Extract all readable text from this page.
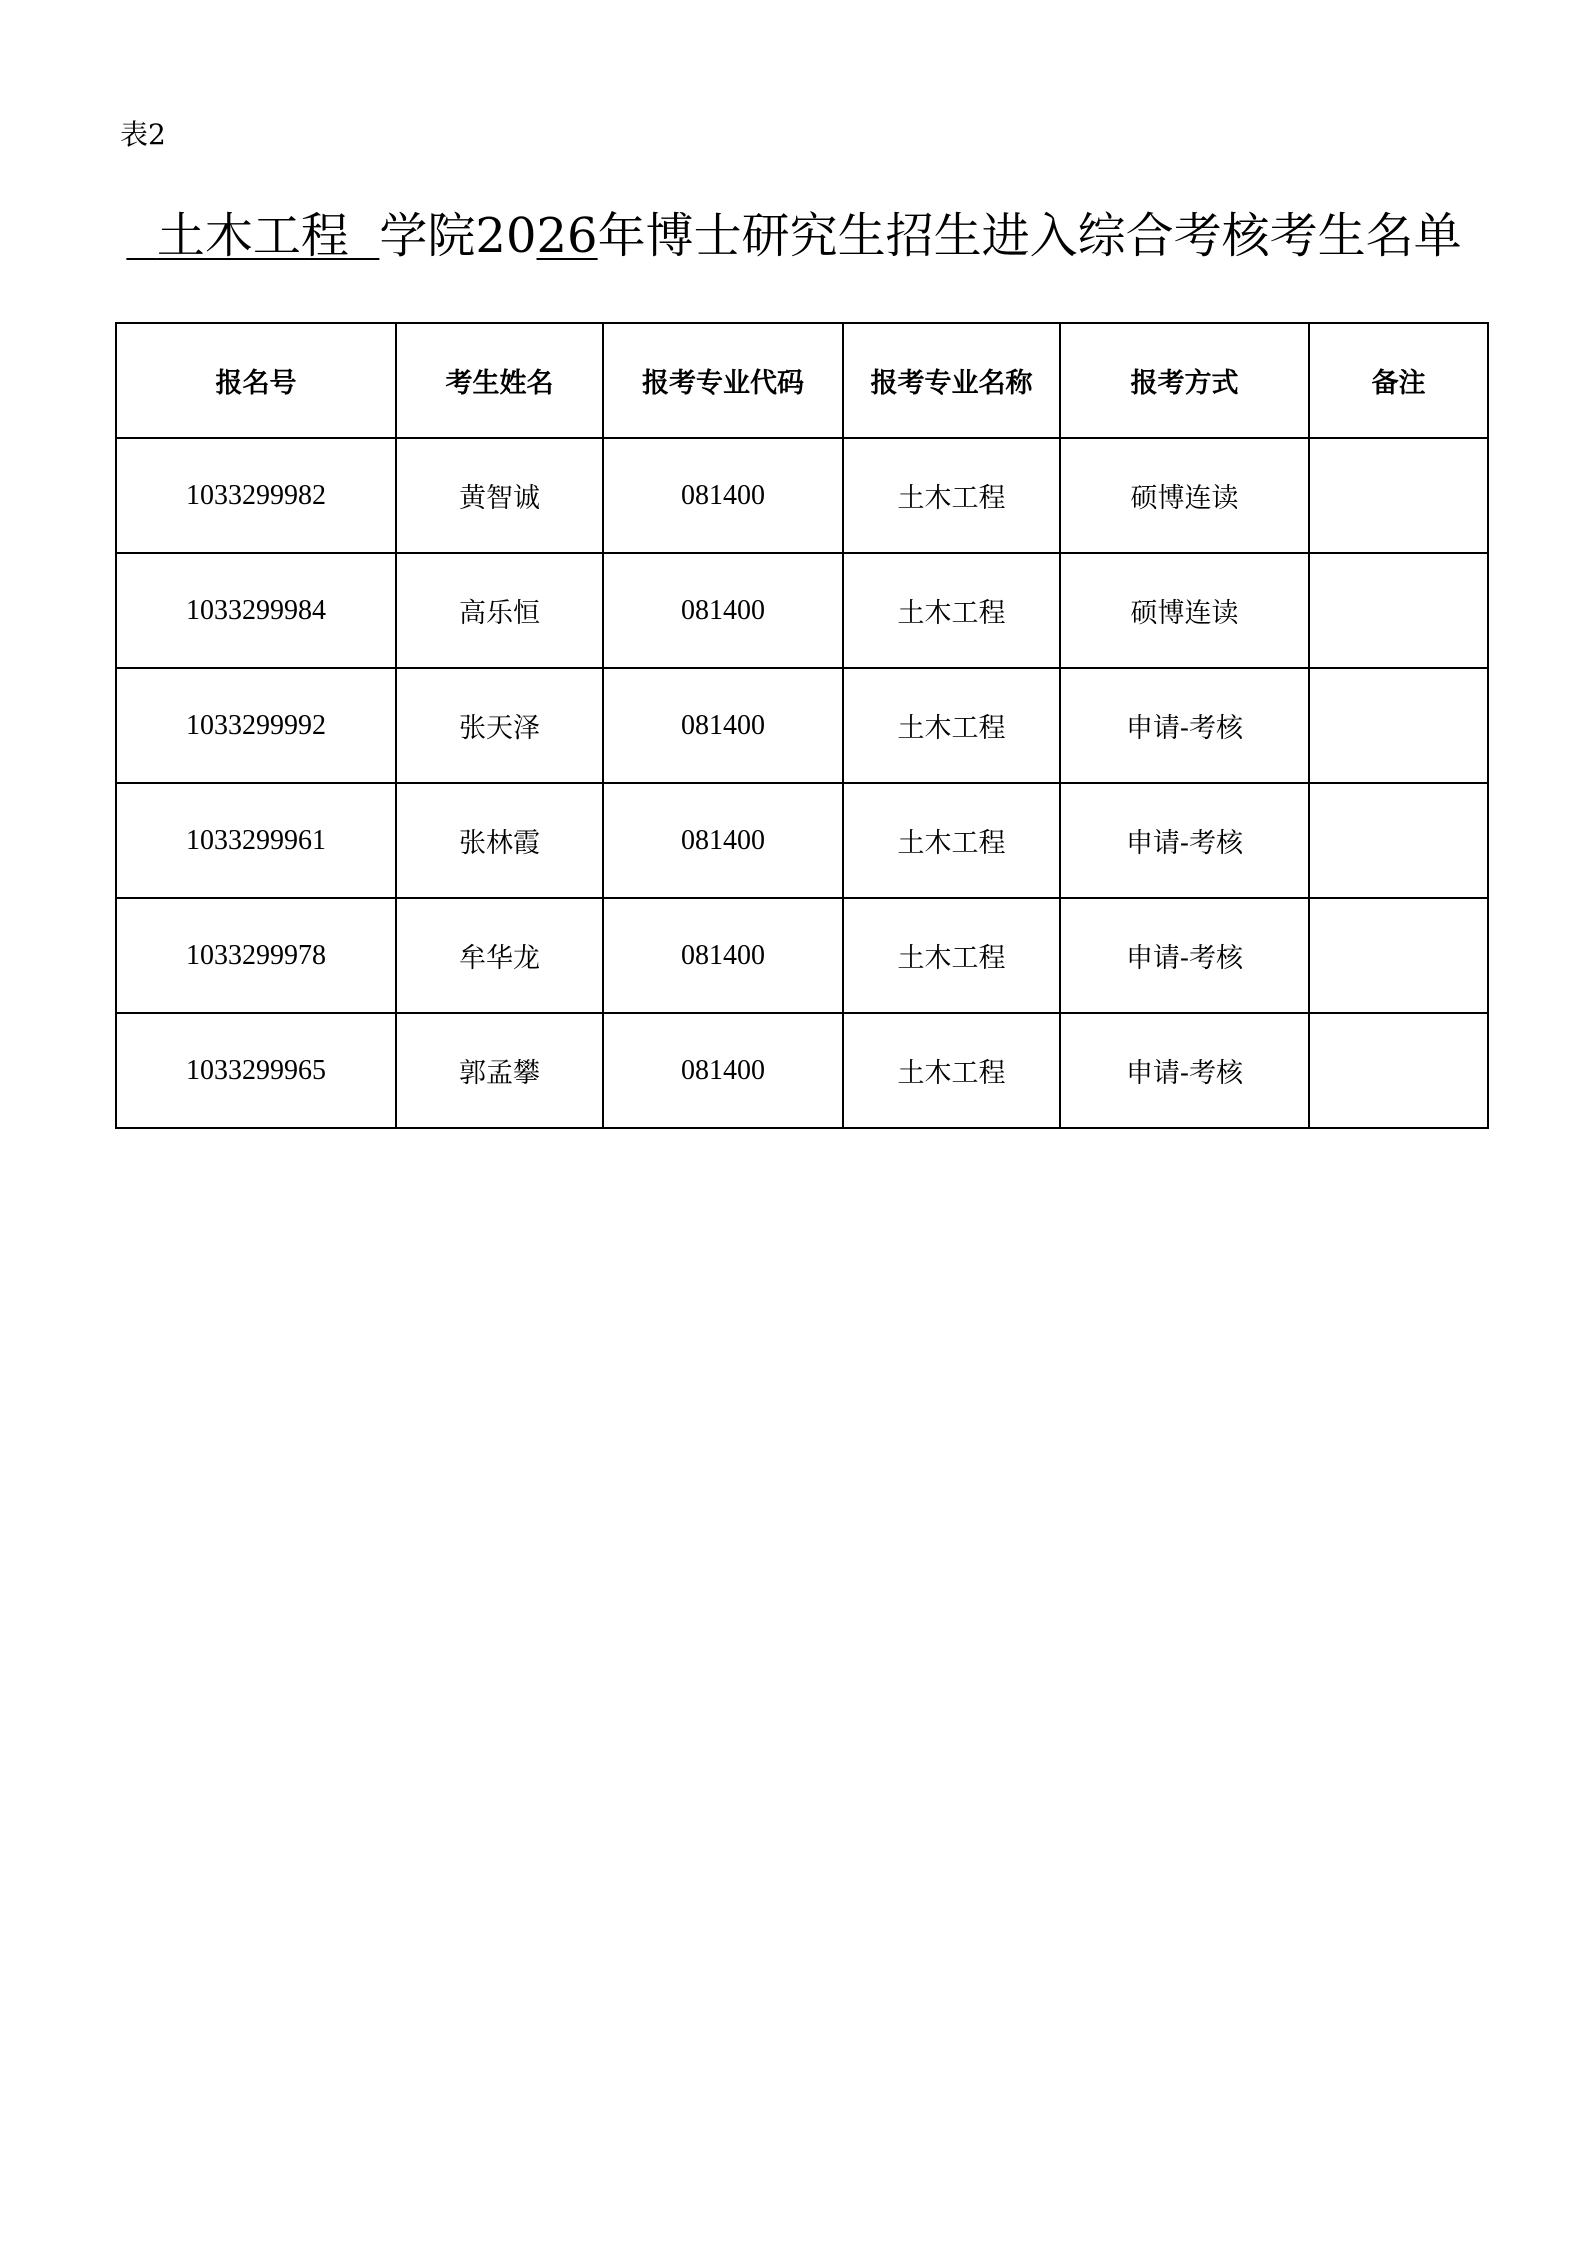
表2
土木工程 学院2026年博士研究生招生进入综合考核考生名单
报名号	考生姓名	报考专业代码	报考专业名称	报考方式	备注
1033299982	黄智诚	081400	土木工程	硕博连读	
1033299984	高乐恒	081400	土木工程	硕博连读	
1033299992	张天泽	081400	土木工程	申请-考核	
1033299961	张林霞	081400	土木工程	申请-考核	
1033299978	牟华龙	081400	土木工程	申请-考核	
1033299965	郭孟攀	081400	土木工程	申请-考核	
